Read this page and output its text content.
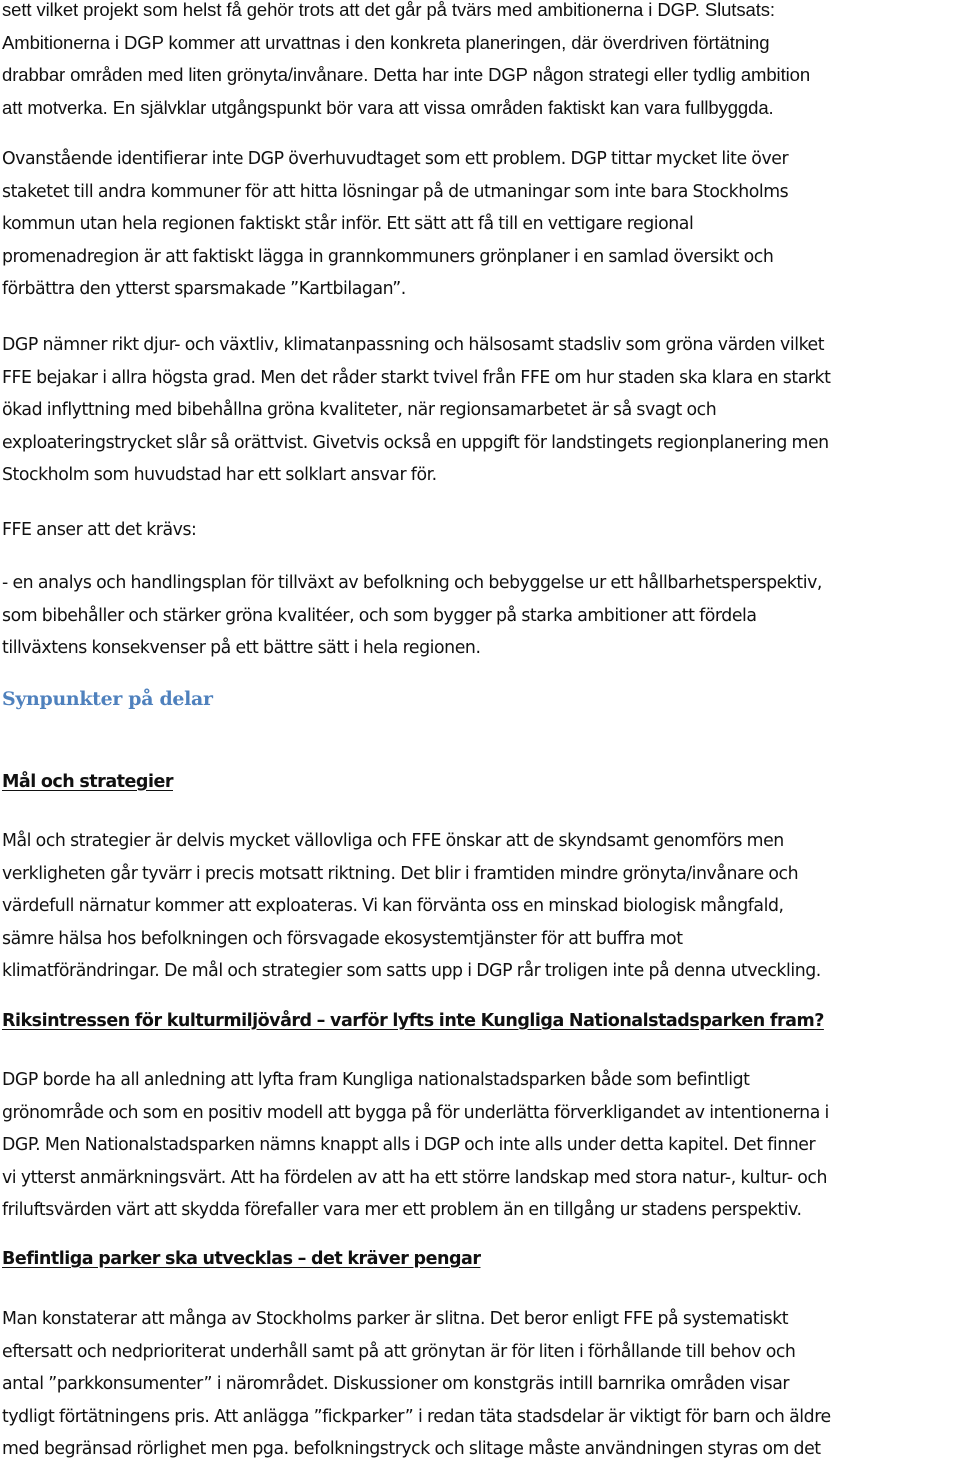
sett vilket projekt som helst få gehör trots att det går på tvärs med ambitionerna i DGP. Slutsats:
Ambitionerna i DGP kommer att urvattnas i den konkreta planeringen, där överdriven förtätning
drabbar områden med liten grönyta/invånare. Detta har inte DGP någon strategi eller tydlig ambition
att motverka. En självklar utgångspunkt bör vara att vissa områden faktiskt kan vara fullbyggda.
Ovanstående identifierar inte DGP överhuvudtaget som ett problem. DGP tittar mycket lite över
staketet till andra kommuner för att hitta lösningar på de utmaningar som inte bara Stockholms
kommun utan hela regionen faktiskt står inför. Ett sätt att få till en vettigare regional
promenadregion är att faktiskt lägga in grannkommuners grönplaner i en samlad översikt och
förbättra den ytterst sparsmakade ”Kartbilagan”.
DGP nämner rikt djur- och växtliv, klimatanpassning och hälsosamt stadsliv som gröna värden vilket
FFE bejakar i allra högsta grad. Men det råder starkt tvivel från FFE om hur staden ska klara en starkt
ökad inflyttning med bibehållna gröna kvaliteter, när regionsamarbetet är så svagt och
exploateringstrycket slår så orättvist. Givetvis också en uppgift för landstingets regionplanering men
Stockholm som huvudstad har ett solklart ansvar för.
FFE anser att det krävs:
- en analys och handlingsplan för tillväxt av befolkning och bebyggelse ur ett hållbarhetsperspektiv,
som bibehåller och stärker gröna kvalitéer, och som bygger på starka ambitioner att fördela
tillväxtens konsekvenser på ett bättre sätt i hela regionen.
Synpunkter på delar
Mål och strategier
Mål och strategier är delvis mycket vällovliga och FFE önskar att de skyndsamt genomförs men
verkligheten går tyvärr i precis motsatt riktning. Det blir i framtiden mindre grönyta/invånare och
värdefull närnatur kommer att exploateras. Vi kan förvänta oss en minskad biologisk mångfald,
sämre hälsa hos befolkningen och försvagade ekosystemtjänster för att buffra mot
klimatförändringar. De mål och strategier som satts upp i DGP rår troligen inte på denna utveckling.
Riksintressen för kulturmiljövård – varför lyfts inte Kungliga Nationalstadsparken fram?
DGP borde ha all anledning att lyfta fram Kungliga nationalstadsparken både som befintligt
grönområde och som en positiv modell att bygga på för underlätta förverkligandet av intentionerna i
DGP. Men Nationalstadsparken nämns knappt alls i DGP och inte alls under detta kapitel. Det finner
vi ytterst anmärkningsvärt. Att ha fördelen av att ha ett större landskap med stora natur-, kultur- och
friluftsvärden värt att skydda förefaller vara mer ett problem än en tillgång ur stadens perspektiv.
Befintliga parker ska utvecklas – det kräver pengar
Man konstaterar att många av Stockholms parker är slitna. Det beror enligt FFE på systematiskt
eftersatt och nedprioriterat underhåll samt på att grönytan är för liten i förhållande till behov och
antal ”parkkonsumenter” i närområdet. Diskussioner om konstgräs intill barnrika områden visar
tydligt förtätningens pris. Att anlägga ”fickparker” i redan täta stadsdelar är viktigt för barn och äldre
med begränsad rörlighet men pga. befolkningstryck och slitage måste användningen styras om det
